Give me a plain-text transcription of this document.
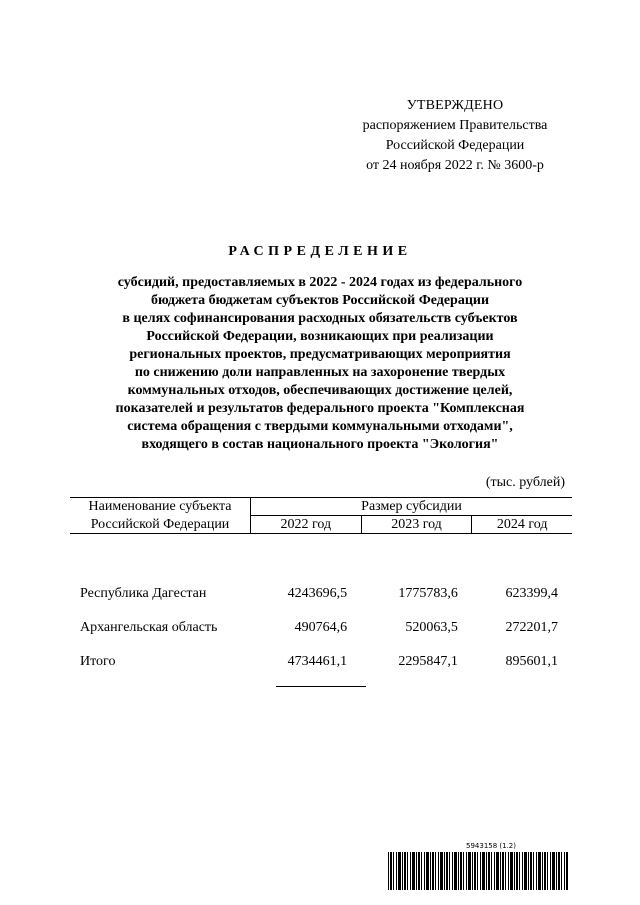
УТВЕРЖДЕНО
распоряжением Правительства
Российской Федерации
от 24 ноября 2022 г. № 3600-р
РАСПРЕДЕЛЕНИЕ
субсидий, предоставляемых в 2022 - 2024 годах из федерального
бюджета бюджетам субъектов Российской Федерации
в целях софинансирования расходных обязательств субъектов
Российской Федерации, возникающих при реализации
региональных проектов, предусматривающих мероприятия
по снижению доли направленных на захоронение твердых
коммунальных отходов, обеспечивающих достижение целей,
показателей и результатов федерального проекта "Комплексная
система обращения с твердыми коммунальными отходами",
входящего в состав национального проекта "Экология"
(тыс. рублей)
Наименование субъекта	Размер субсидии		
Российской Федерации	2022 год	2023 год	2024 год

Республика Дагестан	4243696,5	1775783,6	623399,4
Архангельская область	490764,6	520063,5	272201,7
Итого	4734461,1	2295847,1	895601,1
5943158 (1.2)
